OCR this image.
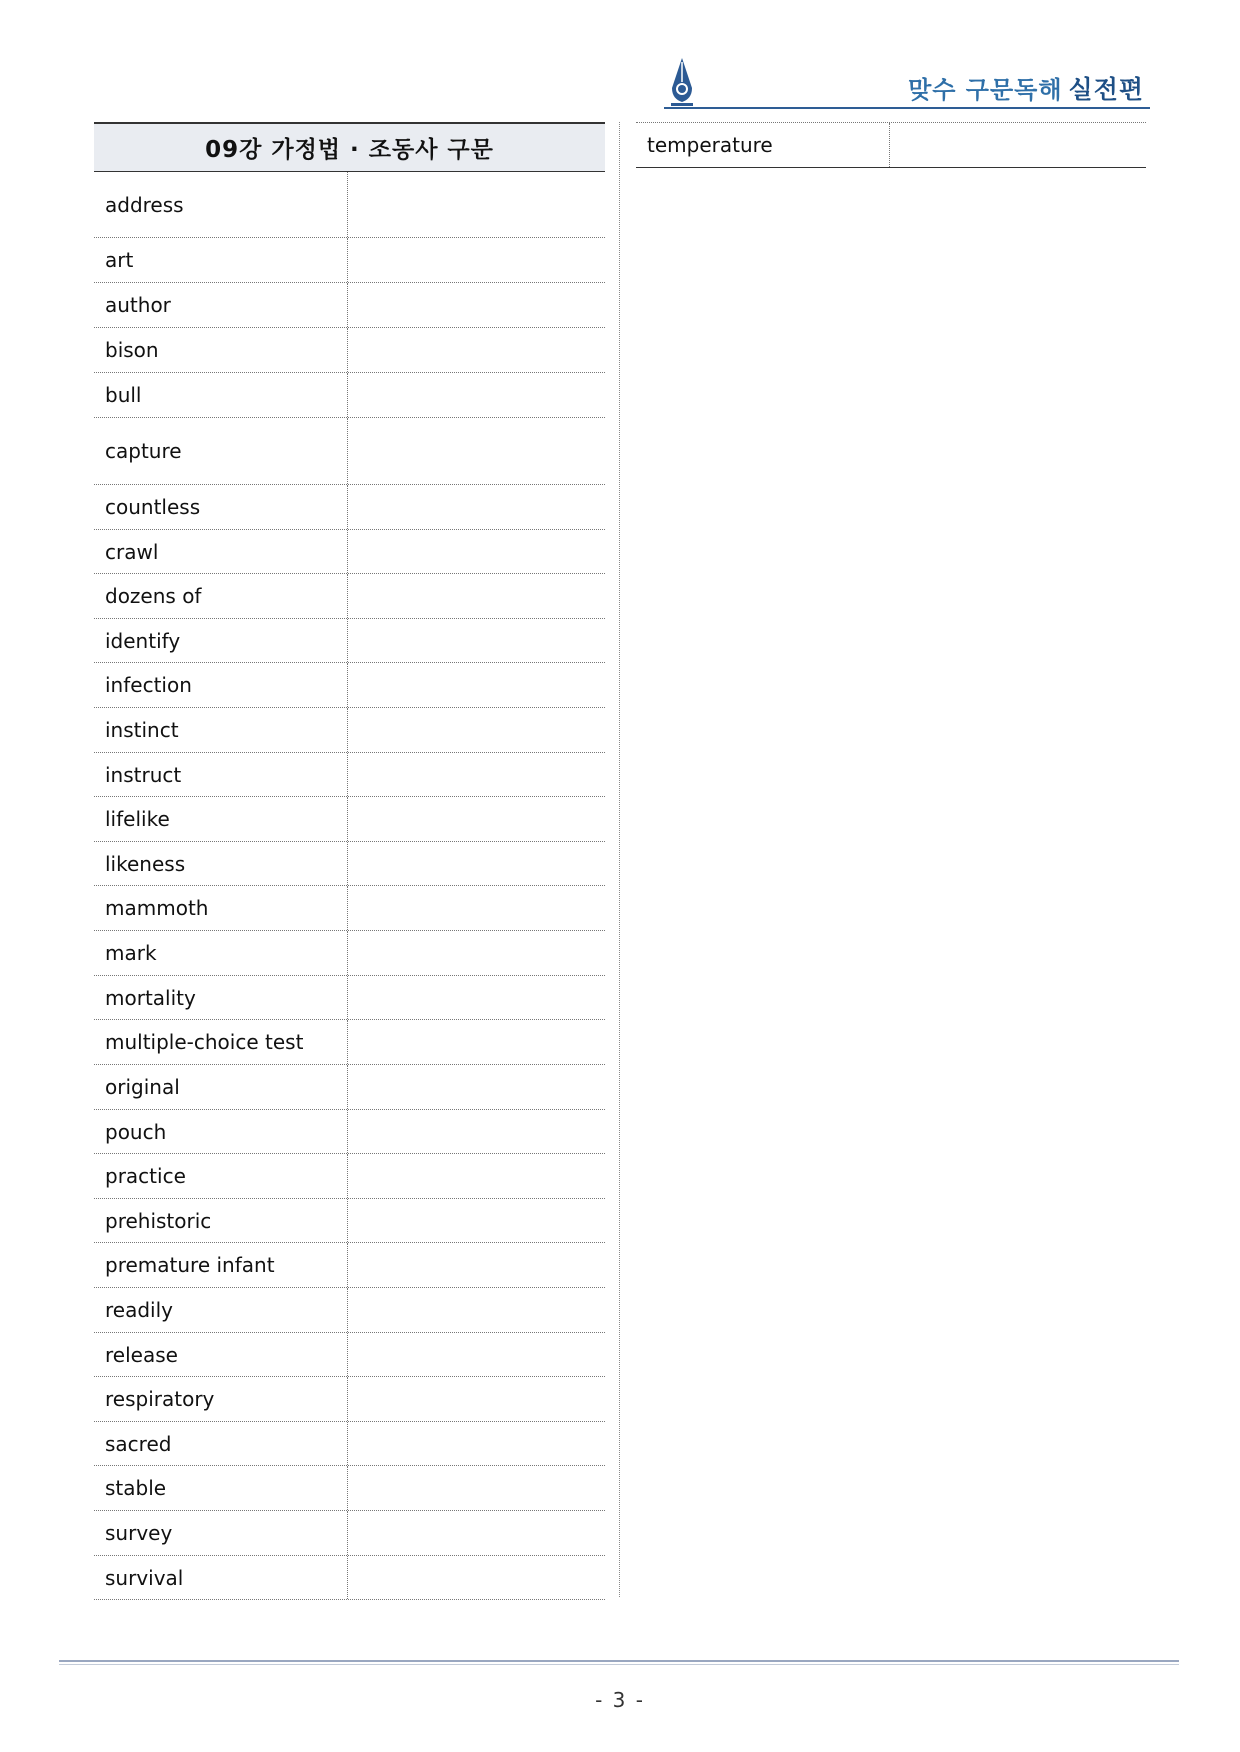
맞수 구문독해 실전편
09강 가정법 · 조동사 구문
address
art
author
bison
bull
capture
countless
crawl
dozens of
identify
infection
instinct
instruct
lifelike
likeness
mammoth
mark
mortality
multiple-choice test
original
pouch
practice
prehistoric
premature infant
readily
release
respiratory
sacred
stable
survey
survival
temperature
- 3 -
